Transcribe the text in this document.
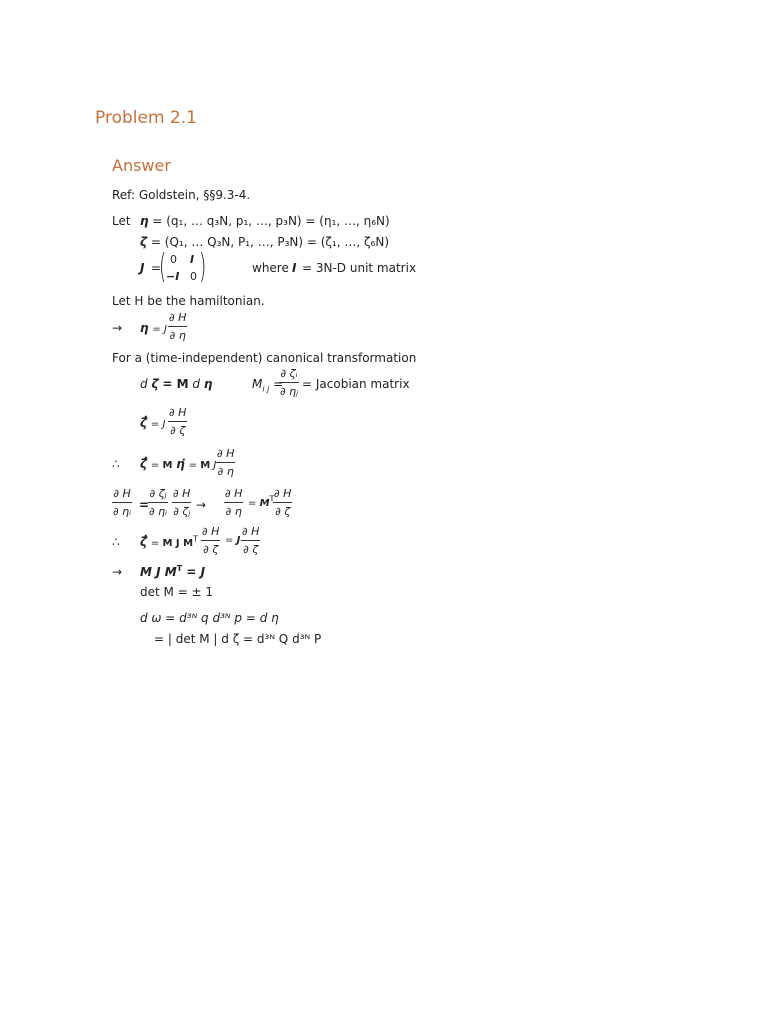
Problem 2.1
Answer
Ref: Goldstein, §§9.3-4.
Let η = (q₁, … q₃N, p₁, …, p₃N) = (η₁, …, η₆N)
ζ = (Q₁, … Q₃N, P₁, …, P₃N) = (ζ₁, …, ζ₆N)
J =
( 0 I
−I 0 )	where I = 3N-D unit matrix
Let H be the hamiltonian.
→ η = J $\frac{\partial H}{\partial \eta}$
For a (time-independent) canonical transformation
d ζ = M d η	$M_{i j}$ =
$\frac{\text{∂ ζᵢ}}{\text{∂ ηⱼ}}$ = Jacobian matrix
ζ̇ = J $\frac{\partial H}{\partial \zeta}$
∴ ζ̇ = M η̇ = M J $\frac{\partial H}{\partial \eta}$
$\frac{\partial H}{\text{∂ ηᵢ}}$ =
$\frac{\text{∂ ζⱼ}}{\text{∂ ηᵢ}} \frac{\partial H}{\text{∂ ζⱼ}} \to \frac{\partial H}{\partial \eta} = M^T$
$\frac{\partial H}{\partial \zeta}$
∴ ζ̇ = M J $M^T \frac{\partial H}{\partial \zeta} = J \frac{\partial H}{\partial \zeta}$
→ M J $M^T = J$
det M = ± 1
d ω = d³ᴺ q d³ᴺ p = d η
= | det M | d ζ = d³ᴺ Q d³ᴺ P
